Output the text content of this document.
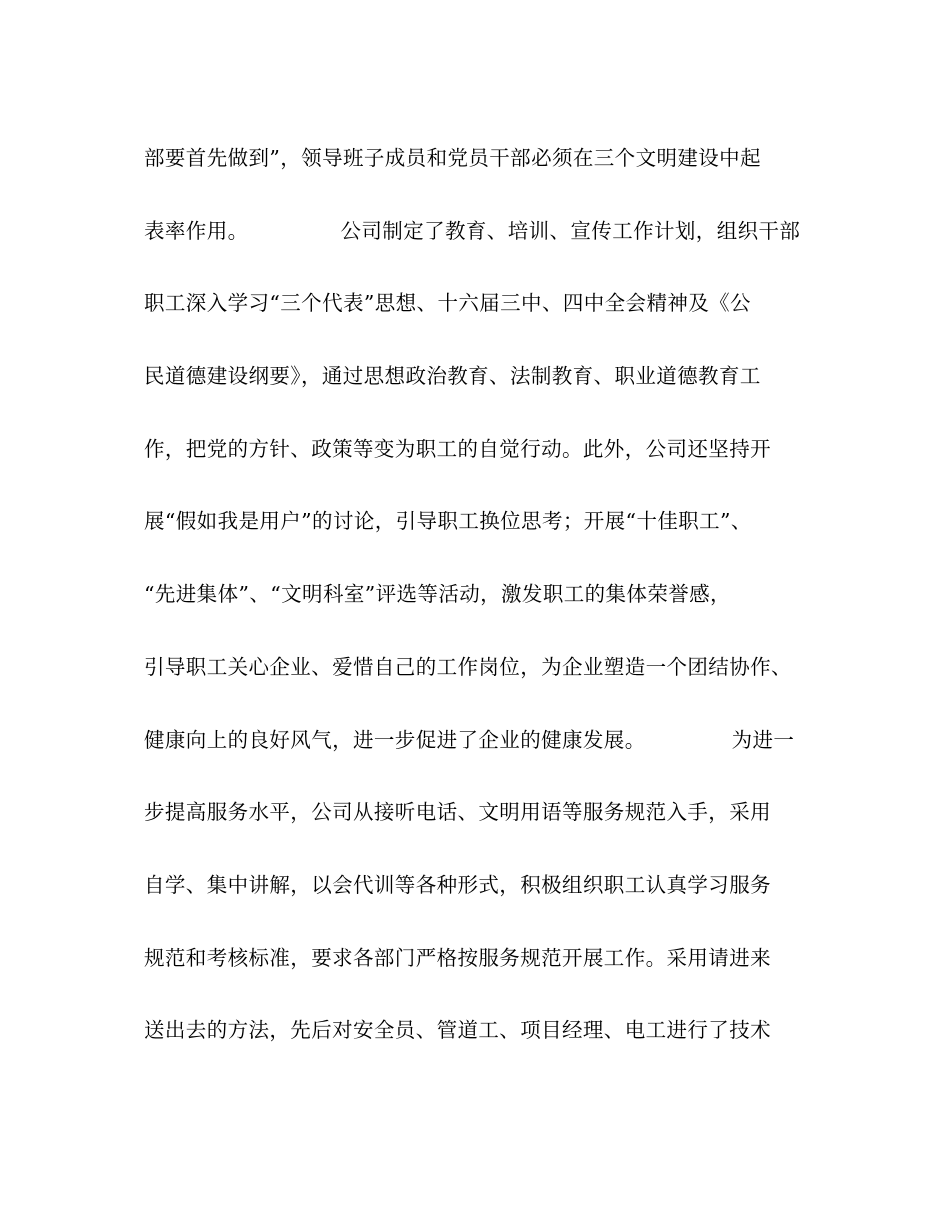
部要首先做到”，领导班子成员和党员干部必须在三个文明建设中起
表率作用。	公司制定了教育、培训、宣传工作计划，组织干部
职工深入学习“三个代表”思想、十六届三中、四中全会精神及《公
民道德建设纲要》，通过思想政治教育、法制教育、职业道德教育工
作，把党的方针、政策等变为职工的自觉行动。此外，公司还坚持开
展“假如我是用户”的讨论，引导职工换位思考；开展“十佳职工”、
“先进集体”、“文明科室”评选等活动，激发职工的集体荣誉感，
引导职工关心企业、爱惜自己的工作岗位，为企业塑造一个团结协作、
健康向上的良好风气，进一步促进了企业的健康发展。	为进一
步提高服务水平，公司从接听电话、文明用语等服务规范入手，采用
自学、集中讲解，以会代训等各种形式，积极组织职工认真学习服务
规范和考核标准，要求各部门严格按服务规范开展工作。采用请进来
送出去的方法，先后对安全员、管道工、项目经理、电工进行了技术
